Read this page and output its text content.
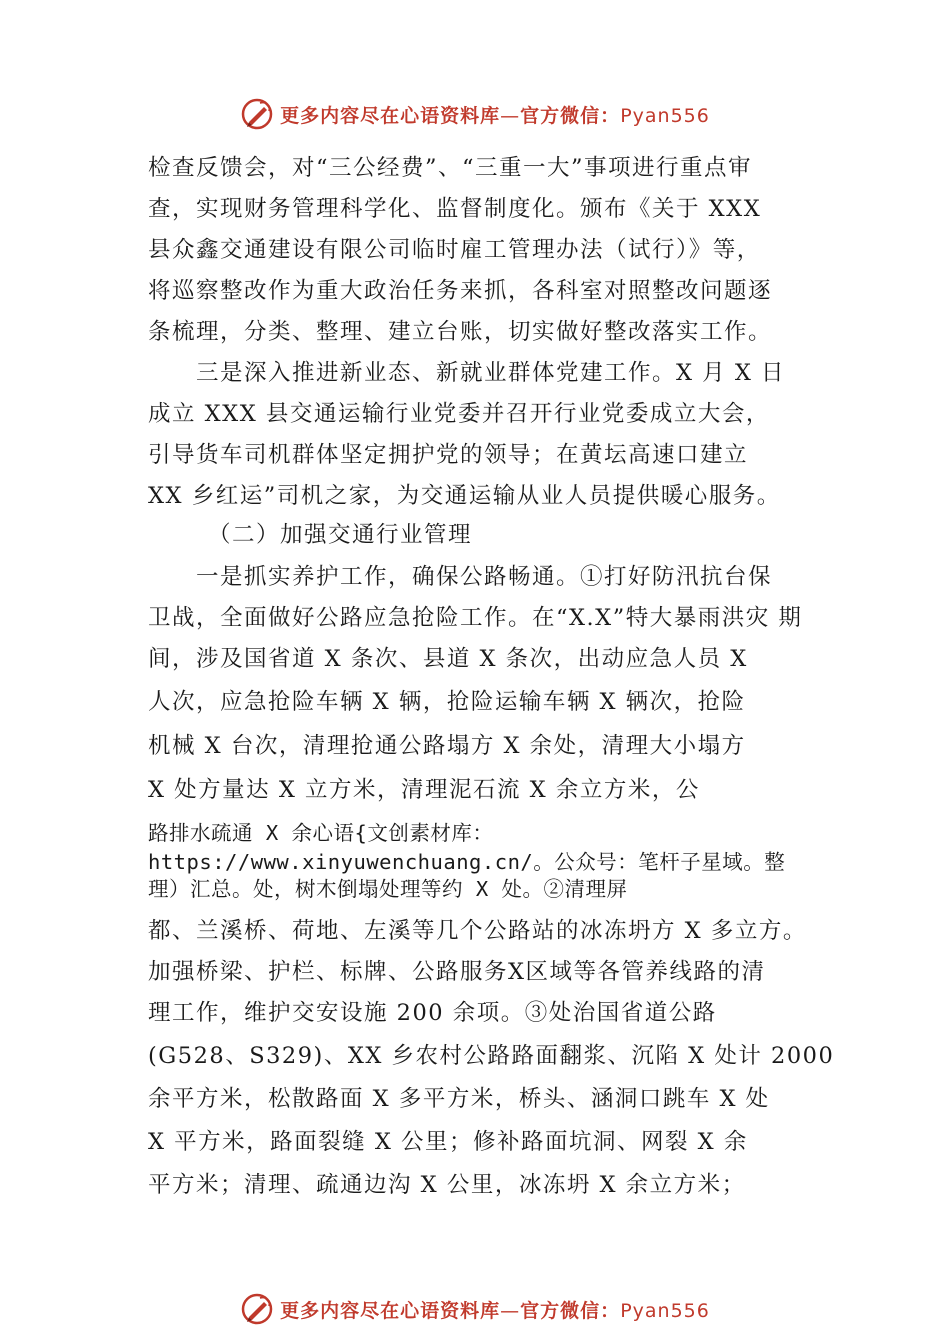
更多内容尽在心语资料库—官方微信：Pyan556
检查反馈会，对“三公经费”、“三重一大”事项进行重点审
查，实现财务管理科学化、监督制度化。颁布《关于 XXX
县众鑫交通建设有限公司临时雇工管理办法（试行）》等，
将巡察整改作为重大政治任务来抓，各科室对照整改问题逐
条梳理，分类、整理、建立台账，切实做好整改落实工作。
三是深入推进新业态、新就业群体党建工作。X 月 X 日
成立 XXX 县交通运输行业党委并召开行业党委成立大会，
引导货车司机群体坚定拥护党的领导；在黄坛高速口建立
XX 乡红运”司机之家，为交通运输从业人员提供暖心服务。
（二）加强交通行业管理
一是抓实养护工作，确保公路畅通。①打好防汛抗台保
卫战，全面做好公路应急抢险工作。在“X.X”特大暴雨洪灾 期
间，涉及国省道 X 条次、县道 X 条次，出动应急人员 X
人次，应急抢险车辆 X 辆，抢险运输车辆 X 辆次，抢险
机械 X 台次，清理抢通公路塌方 X 余处，清理大小塌方
X 处方量达 X 立方米，清理泥石流 X 余立方米，公
路排水疏通 X 余心语{文创素材库：
https://www.xinyuwenchuang.cn/。公众号：笔杆子星域。整
理）汇总。处，树木倒塌处理等约 X 处。②清理屏
都、兰溪桥、荷地、左溪等几个公路站的冰冻坍方 X 多立方。
加强桥梁、护栏、标牌、公路服务X区域等各管养线路的清
理工作，维护交安设施 200 余项。③处治国省道公路
(G528、S329)、XX 乡农村公路路面翻浆、沉陷 X 处计 2000
余平方米，松散路面 X 多平方米，桥头、涵洞口跳车 X 处
X 平方米，路面裂缝 X 公里；修补路面坑洞、网裂 X 余
平方米；清理、疏通边沟 X 公里，冰冻坍 X 余立方米；
更多内容尽在心语资料库—官方微信：Pyan556
